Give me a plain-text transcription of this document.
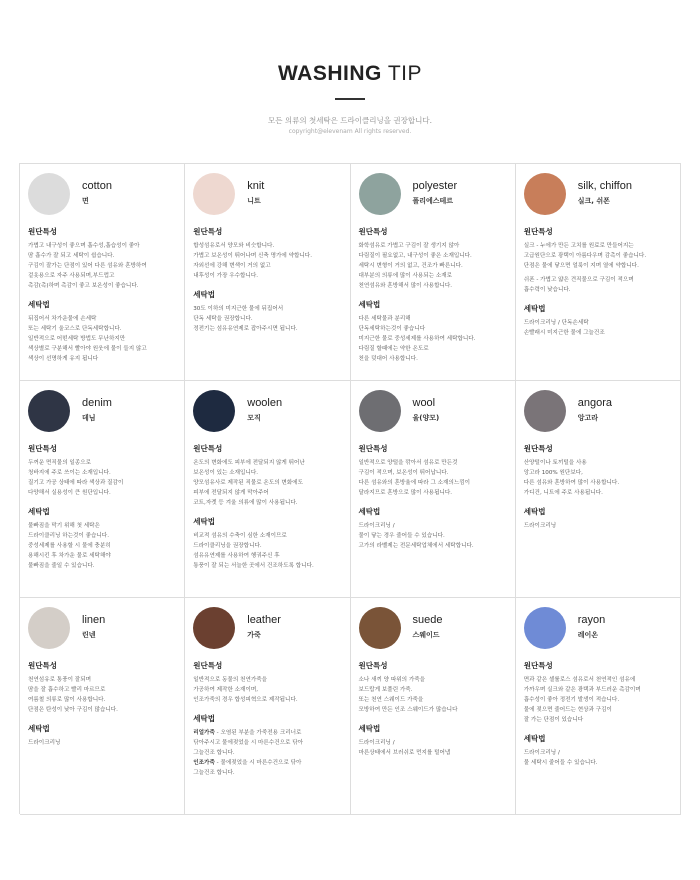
WASHING TIP
모든 의류의 첫세탁은 드라이클리닝을 권장합니다.
copyright@elevenam All rights reserved.
cotton
면
원단특성
가볍고 내구성이 좋으며 흡수성,흡습성이 좋아
땀 흡수가 잘 되고 세탁이 쉽습니다.
구김이 잘가는 단점이 있어 다른 섬유와 혼방하여
겉옷용으로 자주 사용되며,부드럽고
촉감(촉)하며 촉감이 좋고 보온성이 좋습니다.
세탁법
뒤집어서 차가운물에 손세탁
또는 세탁기 울코스로 단독세탁합니다.
일반적으로 어떤세탁 방법도 무난하지만
색상별로 구분해서 빨아야 원웃에 물이 들지 않고
색상이 선명하게 유지 됩니다
knit
니트
원단특성
합성섬유로서 양모와 비슷합니다.
가볍고 보온성이 뛰어나며 신축 명가에 약합니다.
자외선에 강해 변색이 거의 없고
내후성이 가장 우수합니다.
세탁법
30도 이하의 미지근한 물에 뒤집어서
단독 세탁을 권장합니다.
정전기는 섬유유연제로 잡아주시면 됩니다.
polyester
폴리에스테르
원단특성
화학섬유로 가볍고 구김이 잘 생기지 않아
다림질이 필요없고, 내구성이 좋은 소재입니다.
세탁시 변형이 거의 없고, 건조가 빠른니다.
대부분의 의류에 많이 사용되는 소재로
천연섬유와 혼방해서 많이 사용합니다.
세탁법
다른 세탁물과 분리해
단독세탁하는것이 좋습니다
미지근한 물로 중성세제를 사용하여 세탁합니다.
다림질 할때에는 약한 온도로
천을 덧대어 사용합니다.
silk, chiffon
실크, 쉬폰
원단특성
실크 - 누에가 만든 고치를 원료로 만들어지는
고급원단으로 광택이 아름다우며 감촉이 좋습니다.
단점은 물에 닿으면 얼룩이 지며 열에 약합니다.
쉬폰 - 가볍고 얇은 견직물으로 구김이 적으며
흡수력이 낮습니다.
세탁법
드라이크리닝 / 단독손세탁
손빨래시 미지근한 물에 그늘건조
denim
데님
원단특성
두꺼운 면직물의 일종으로
청바지에 주로 쓰이는 소재입니다.
질기고 가공 상태에 따라 색상과 질감이
다양해서 실용성이 큰 원단입니다.
세탁법
물빠짐을 막기 위해 첫 세탁은
드라이클리닝 하는것이 좋습니다.
중성세제를 사용할 시 물에 충분히
용해시킨 후 차가운 물로 세탁해야
물빠짐을 줄일 수 있습니다.
woolen
모직
원단특성
온도의 변화에도 피부에 전달되지 않게 뛰어난
보온성이 있는 소재입니다.
양모섬유사로 제작된 직물로 온도의 변화에도
피부에 전달되지 않게 막아주어
코트,자켓 등 겨울 의류에 많이 사용됩니다.
세탁법
비교적 섬유의 수축이 심한 소재이므로
드라이클리닝을 권장합니다.
섬유유연제를 사용하여 헹궈주신 후
통풍이 잘 되는 서늘한 곳에서 건조하도록 합니다.
wool
울(양모)
원단특성
일반적으로 양털을 깎아서 섬유로 만든것
구김이 적으며, 보온성이 뛰어납니다.
다른 섬유와의 혼방율에 따라 그 소재의느낌이
달라지므로 혼방으로 많이 사용됩니다.
세탁법
드라이크리닝 /
물이 닿는 경우 줄어들 수 있습니다.
고가의 라벨제는 전문세탁업체에서 세탁합니다.
angora
앙고라
원단특성
산양털이나 토끼털을 사용
앙고라 100% 원단보다,
다른 섬유와 혼방하여 많이 사용합니다.
가디건, 니트에 주로 사용됩니다.
세탁법
드라이크리닝
linen
린넨
원단특성
천연섬유로 통풍이 잘되며
땀을 잘 흡수하고 빨리 마르므로
여름철 의류로 많이 사용합니다.
단점은 탄성이 낮아 구김이 많습니다.
세탁법
드라이크리닝
leather
가죽
원단특성
일반적으로 동물의 천연가죽을
가공하여 제작한 소재이며,
인조가죽의 경우 합성피혁으로 제작됩니다.
세탁법
리얼가죽 - 오염된 부분을 가죽전용 크리너로
닦아주시고 물에젖었을 시 마른수건으로 닦아
그늘건조 합니다.
인조가죽 - 물에젖었을 시 마른수건으로 닦아
그늘건조 합니다.
suede
스웨이드
원단특성
소나 새끼 양 따위의 가죽을
보드랍게 보풀린 가죽.
또는 천연 스웨이드 가죽을
모방하여 만든 인조 스웨이드가 많습니다
세탁법
드라이크리닝 /
마른상태에서 브러쉬로 먼지를 털어냅
rayon
레이온
원단특성
면과 같은 셀룰로스 섬유로서 천연적인 섬유에
가까우며 실크와 같은 광택과 부드러운 촉감이며
흡수성이 좋아 정전기 발생이 적습니다.
물에 젖으면 줄어드는 현상과 구김이
잘 가는 단점이 있습니다
세탁법
드라이크리닝 /
물 세탁시 줄어들 수 있습니다.
